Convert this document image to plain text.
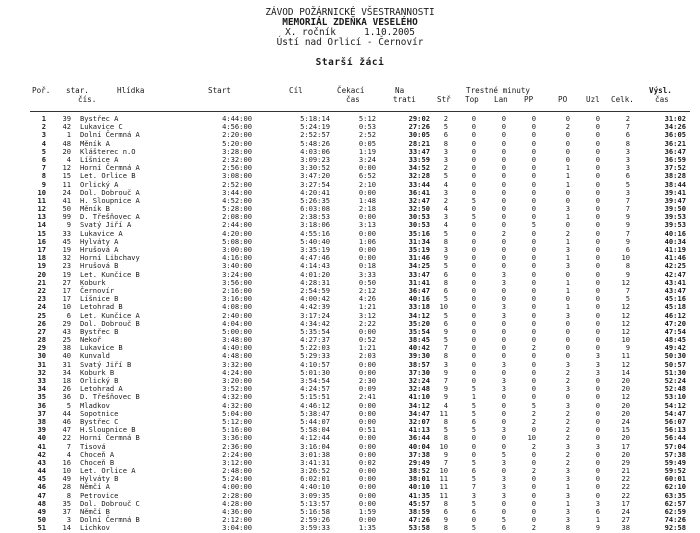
ZÁVOD POŽÁRNICKÉ VŠESTRANNOSTI
MEMORIÁL ZDEŇKA VESELÉHO
X. ročník     1.10.2005
Ústí nad Orlicí - Černovír
Starší žáci
Poř. star.
čís.
Hlídka	Start	Cíl	Čekací
čas
Na
trati
Trestné minuty
Stř Top Lan PP	PO Uzl Celk.
Výsl.
čas
1	39 Bystřec A	4:44:00	5:18:14	5:12	29:02	2	0	0	0	0	0	2	31:02
2	42 Lukavice C	4:56:00	5:24:19	0:53	27:26	5	0	0	0	2	0	7	34:26
3	1 Dolní Čermná A	2:20:00	2:52:57	2:52	30:05	6	0	0	0	0	0	6	36:05
4	48 Měník A	5:20:00	5:48:26	0:05	28:21	8	0	0	0	0	0	8	36:21
5	20 Klášterec n.O	3:28:00	4:03:06	1:19	33:47	3	0	0	0	0	0	3	36:47
6	4 Líšnice A	2:32:00	3:09:23	3:24	33:59	3	0	0	0	0	0	3	36:59
7	12 Horní Čermná A	2:56:00	3:30:52	0:00	34:52	2	0	0	0	1	0	3	37:52
8	15 Let. Orlice B	3:08:00	3:47:20	6:52	32:28	5	0	0	0	1	0	6	38:28
9	11 Orlický A	2:52:00	3:27:54	2:10	33:44	4	0	0	0	1	0	5	38:44
10	24 Dol. Dobrouč A	3:44:00	4:20:41	0:00	36:41	3	0	0	0	0	0	3	39:41
11	41 H. Sloupnice A	4:52:00	5:26:35	1:48	32:47	2	5	0	0	0	0	7	39:47
12	50 Měník B	5:28:00	6:03:08	2:18	32:50	4	0	0	0	3	0	7	39:50
13	99 D. Třešňovec A	2:08:00	2:38:53	0:00	30:53	3	5	0	0	1	0	9	39:53
14	9 Svatý Jiří A	2:44:00	3:18:06	3:13	30:53	4	0	0	5	0	0	9	39:53
15	33 Lukavice A	4:20:00	4:55:16	0:00	35:16	5	0	2	0	2	0	7	40:16
16	45 Hylváty A	5:08:00	5:40:40	1:06	31:34	8	0	0	0	1	0	9	40:34
17	19 Hrušová A	3:00:00	3:35:19	0:00	35:19	3	0	0	0	3	0	6	41:19
18	32 Horní Libchavy	4:16:00	4:47:46	0:00	31:46	9	0	0	0	1	0	10	41:46
19	23 Hrušová B	3:40:00	4:14:43	0:18	34:25	5	0	0	0	3	0	8	42:25
20	19 Let. Kunčice B	3:24:00	4:01:20	3:33	33:47	6	0	3	0	0	0	9	42:47
21	27 Koburk	3:56:00	4:28:31	0:50	31:41	8	0	3	0	1	0	12	43:41
22	17 Černovír	2:16:00	2:54:59	2:12	36:47	6	0	0	0	1	0	7	43:47
23	17 Líšnice B	3:16:00	4:00:42	4:26	40:16	5	0	0	0	0	0	5	45:16
24	10 Letohrad B	4:08:00	4:42:39	1:21	33:18 10	0	3	0	1	0	12	45:18
25	6 Let. Kunčice A	2:40:00	3:17:24	3:12	34:12	5	0	3	0	3	0	12	46:12
26	29 Dol. Dobrouč B	4:04:00	4:34:42	2:22	35:20	6	0	0	0	0	0	12	47:20
27	43 Bystřec B	5:00:00	5:35:54	0:00	35:54	9	0	0	0	0	0	12	47:54
28	25 Nekoř	3:48:00	4:27:37	0:52	38:45	5	0	0	0	0	0	10	48:45
29	38 Lukavice B	4:40:00	5:22:03	1:21	40:42	7	0	0	2	0	0	9	49:42
30	40 Kunvald	4:48:00	5:29:33	2:03	39:30	8	0	0	0	0	3	11	50:30
31	31 Svatý Jiří B	3:32:00	4:10:57	0:00	38:57	3	0	3	0	3	3	12	50:57
32	34 Koburk B	4:24:00	5:01:30	0:00	37:30	9	0	0	0	2	3	14	51:30
33	18 Orlický B	3:20:00	3:54:54	2:30	32:24	7	0	3	0	2	0	20	52:24
34	26 Letohrad A	3:52:00	4:24:57	0:09	32:48	9	5	3	0	3	0	20	52:48
35	36 D. Třešňovec B	4:32:00	5:15:51	2:41	41:10	9	1	0	0	0	0	12	53:10
36	5 Mladkov	4:32:00	4:46:12	0:00	34:12	4	5	0	5	3	0	20	54:12
37	44 Sopotnice	5:04:00	5:38:47	0:00	34:47 11	5	0	2	2	0	20	54:47
38	46 Bystřec C	5:12:00	5:44:07	0:00	32:07	8	6	0	2	2	0	24	56:07
39	47 H.Sloupnice B	5:16:00	5:58:04	0:51	41:13	5	5	3	0	2	0	15	56:13
40	22 Horní Čermná B	3:36:00	4:12:44	0:00	36:44	8	0	0	10	2	0	20	56:44
41	7 Tisová	2:36:00	3:16:04	0:00	40:04 10	0	0	2	3	3	17	57:04
42	4 Choceň A	2:24:00	3:01:38	0:00	37:38	9	0	5	0	2	0	20	57:38
43	16 Choceň B	3:12:00	3:41:31	0:02	29:49	7	5	3	0	2	0	29	59:49
44	10 Let. Orlice A	2:48:00	3:26:52	0:00	38:52 10	6	0	2	3	0	21	59:52
45	49 Hylváty B	5:24:00	6:02:01	0:00	38:01 11	5	3	0	3	0	22	60:01
46	28 Němčí A	4:00:00	4:40:10	0:00	40:10 11	7	3	0	1	0	22	62:10
47	8 Petrovice	2:28:00	3:09:35	0:00	41:35 11	3	3	0	3	0	22	63:35
48	35 Dol. Dobrouč C	4:28:00	5:13:57	0:00	45:57	8	5	0	0	1	3	17	62:57
49	37 Němčí B	4:36:00	5:16:58	1:59	38:59	6	6	0	0	3	6	24	62:59
50	3 Dolní Čermná B	2:12:00	2:59:26	0:00	47:26	9	0	5	0	3	1	27	74:26
51	14 Lichkov	3:04:00	3:59:33	1:35	53:58	8	5	6	2	8	9	38	92:58
